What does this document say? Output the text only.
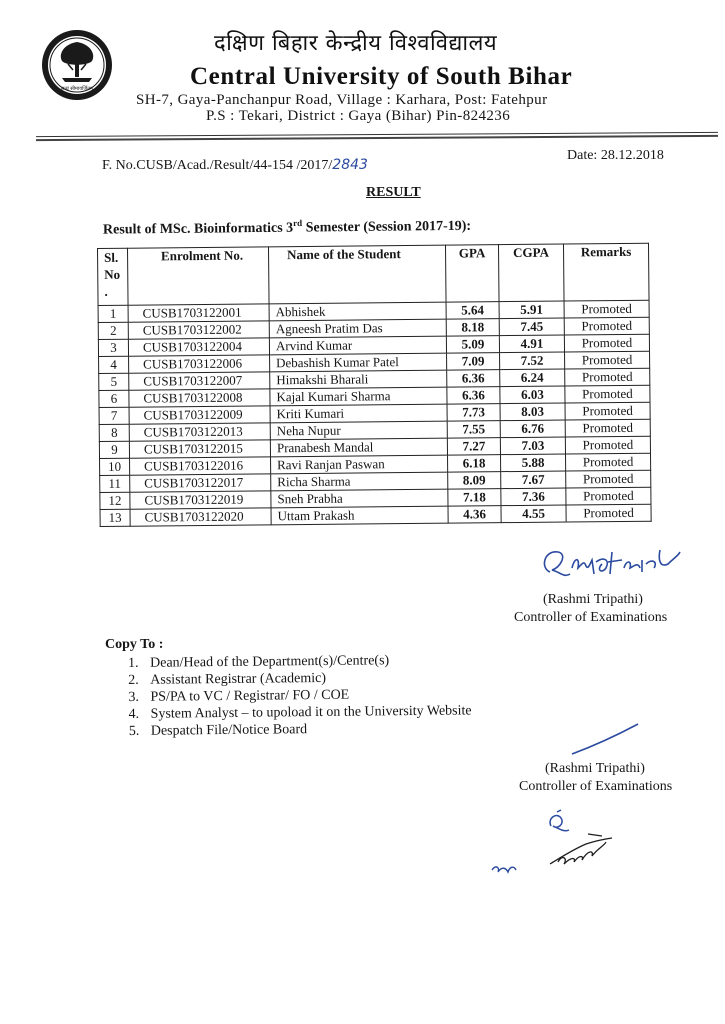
सत्यं सीमावर्जितम्
दक्षिण बिहार केन्द्रीय विश्वविद्यालय
Central University of South Bihar
SH-7, Gaya-Panchanpur Road, Village : Karhara, Post: Fatehpur
P.S : Tekari, District : Gaya (Bihar) Pin-824236
F. No.CUSB/Acad./Result/44-154 /2017/2843
Date: 28.12.2018
RESULT
Result of MSc. Bioinformatics 3rd Semester (Session 2017-19):
Sl.
No
.	Enrolment No.	Name of the Student	GPA	CGPA	Remarks
1	CUSB1703122001	Abhishek	5.64	5.91	Promoted
2	CUSB1703122002	Agneesh Pratim Das	8.18	7.45	Promoted
3	CUSB1703122004	Arvind Kumar	5.09	4.91	Promoted
4	CUSB1703122006	Debashish Kumar Patel	7.09	7.52	Promoted
5	CUSB1703122007	Himakshi Bharali	6.36	6.24	Promoted
6	CUSB1703122008	Kajal Kumari Sharma	6.36	6.03	Promoted
7	CUSB1703122009	Kriti Kumari	7.73	8.03	Promoted
8	CUSB1703122013	Neha Nupur	7.55	6.76	Promoted
9	CUSB1703122015	Pranabesh Mandal	7.27	7.03	Promoted
10	CUSB1703122016	Ravi Ranjan Paswan	6.18	5.88	Promoted
11	CUSB1703122017	Richa Sharma	8.09	7.67	Promoted
12	CUSB1703122019	Sneh Prabha	7.18	7.36	Promoted
13	CUSB1703122020	Uttam Prakash	4.36	4.55	Promoted
(Rashmi Tripathi)
Controller of Examinations
Copy To :
1. Dean/Head of the Department(s)/Centre(s)
2. Assistant Registrar (Academic)
3. PS/PA to VC / Registrar/ FO / COE
4. System Analyst – to upoload it on the University Website
5. Despatch File/Notice Board
(Rashmi Tripathi)
Controller of Examinations
